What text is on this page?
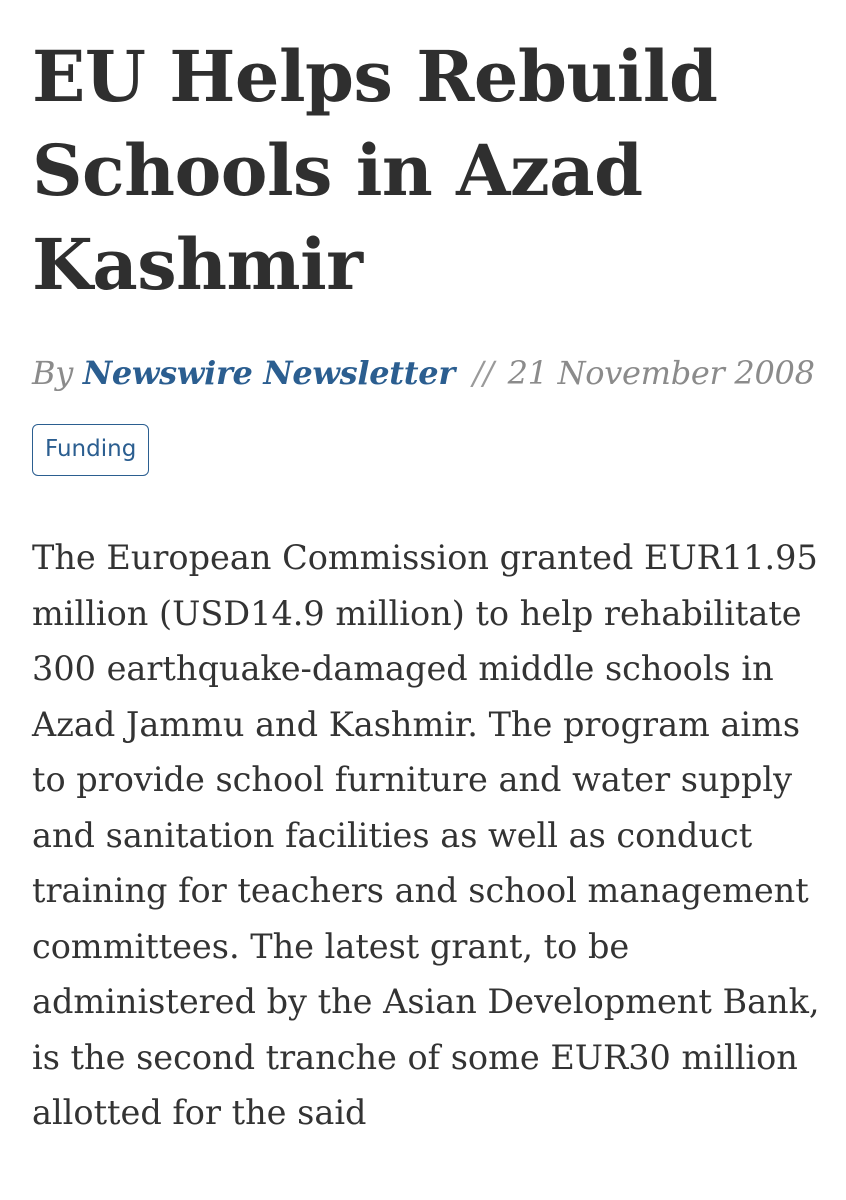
EU Helps Rebuild Schools in Azad Kashmir
By Newswire Newsletter // 21 November 2008
Funding

The European Commission granted EUR11.95 million (USD14.9 million) to help rehabilitate 300 earthquake-damaged middle schools in Azad Jammu and Kashmir. The program aims to provide school furniture and water supply and sanitation facilities as well as conduct training for teachers and school management committees. The latest grant, to be administered by the Asian Development Bank, is the second tranche of some EUR30 million allotted for the said
